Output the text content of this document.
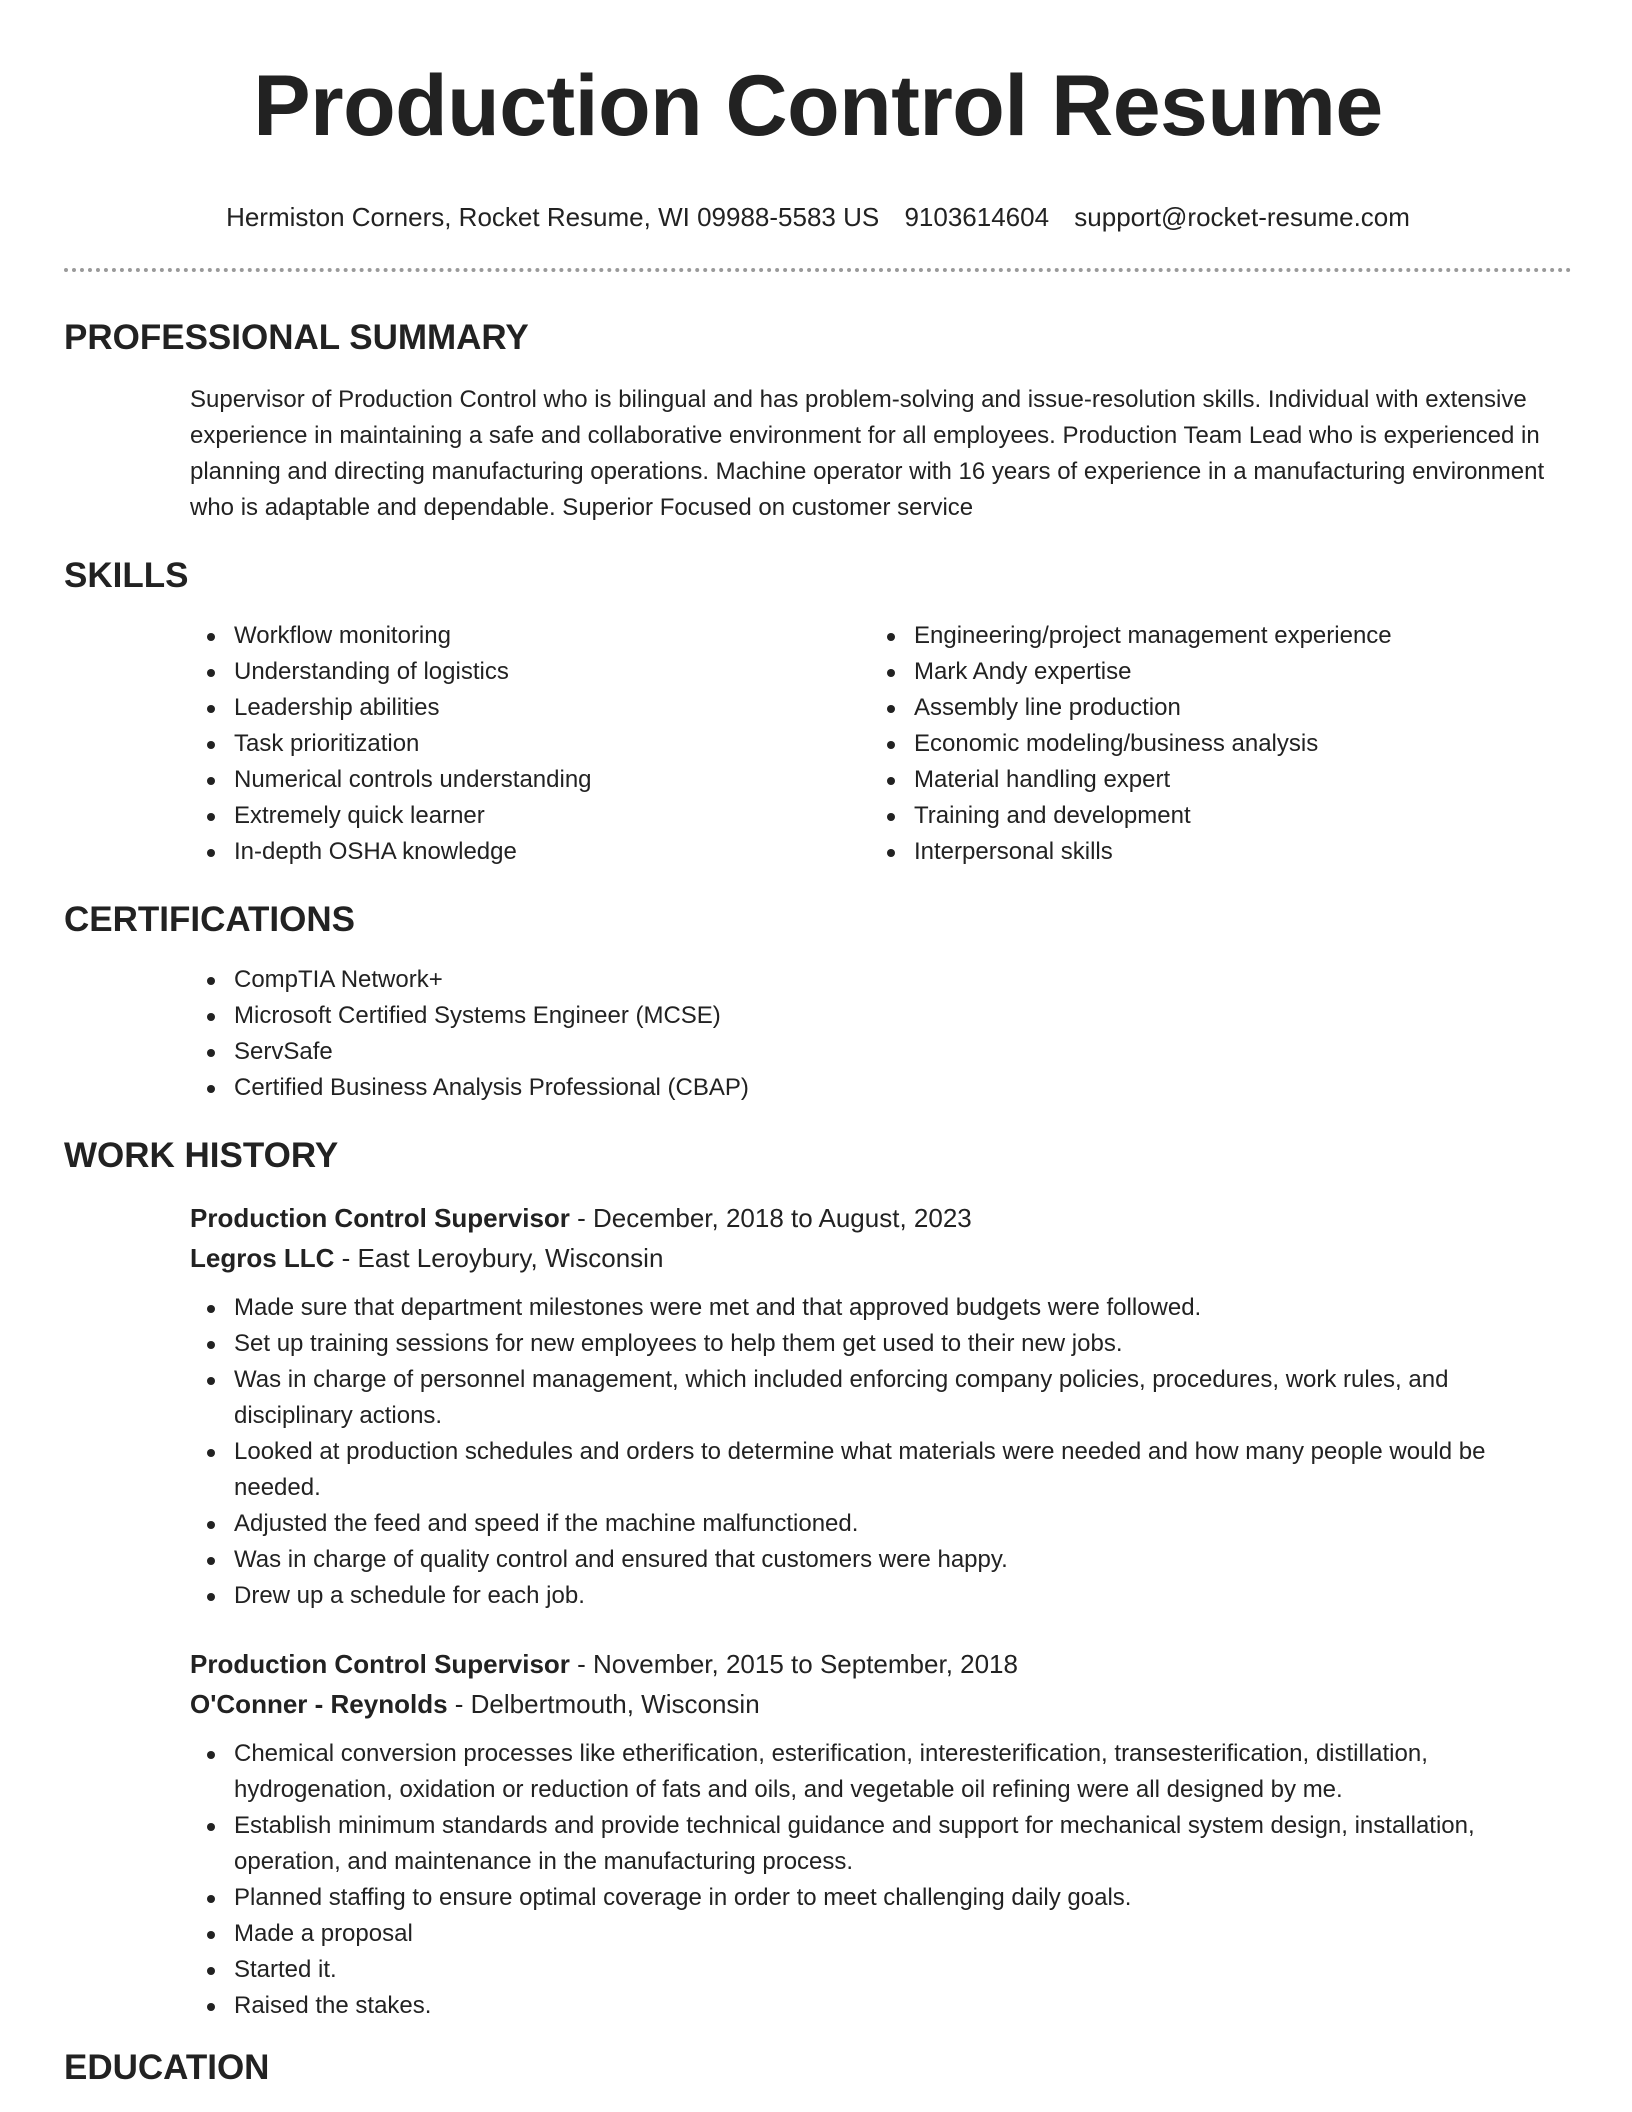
Production Control Resume
Hermiston Corners, Rocket Resume, WI 09988-5583 US 9103614604 support@rocket-resume.com
PROFESSIONAL SUMMARY

Supervisor of Production Control who is bilingual and has problem-solving and issue-resolution skills. Individual with extensive experience in maintaining a safe and collaborative environment for all employees. Production Team Lead who is experienced in planning and directing manufacturing operations. Machine operator with 16 years of experience in a manufacturing environment who is adaptable and dependable. Superior Focused on customer service

SKILLS
Workflow monitoring
Understanding of logistics
Leadership abilities
Task prioritization
Numerical controls understanding
Extremely quick learner
In-depth OSHA knowledge
Engineering/project management experience
Mark Andy expertise
Assembly line production
Economic modeling/business analysis
Material handling expert
Training and development
Interpersonal skills
CERTIFICATIONS
CompTIA Network+
Microsoft Certified Systems Engineer (MCSE)
ServSafe
Certified Business Analysis Professional (CBAP)
WORK HISTORY
Production Control Supervisor - December, 2018 to August, 2023
Legros LLC - East Leroybury, Wisconsin
Made sure that department milestones were met and that approved budgets were followed.
Set up training sessions for new employees to help them get used to their new jobs.
Was in charge of personnel management, which included enforcing company policies, procedures, work rules, and disciplinary actions.
Looked at production schedules and orders to determine what materials were needed and how many people would be needed.
Adjusted the feed and speed if the machine malfunctioned.
Was in charge of quality control and ensured that customers were happy.
Drew up a schedule for each job.
Production Control Supervisor - November, 2015 to September, 2018
O'Conner - Reynolds - Delbertmouth, Wisconsin
Chemical conversion processes like etherification, esterification, interesterification, transesterification, distillation, hydrogenation, oxidation or reduction of fats and oils, and vegetable oil refining were all designed by me.
Establish minimum standards and provide technical guidance and support for mechanical system design, installation, operation, and maintenance in the manufacturing process.
Planned staffing to ensure optimal coverage in order to meet challenging daily goals.
Made a proposal
Started it.
Raised the stakes.
EDUCATION
